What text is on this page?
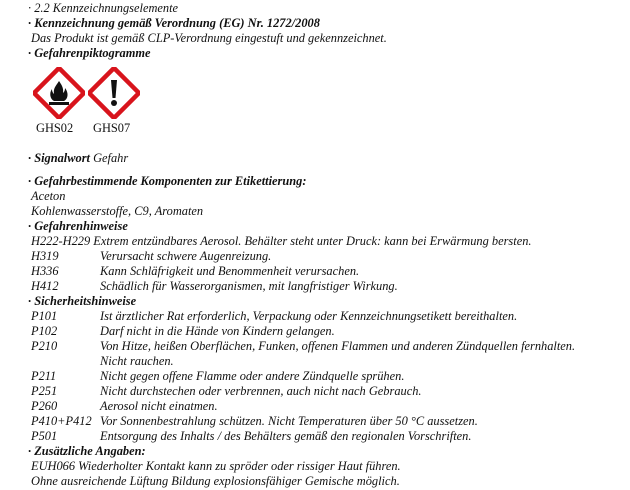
· 2.2 Kennzeichnungselemente
· Kennzeichnung gemäß Verordnung (EG) Nr. 1272/2008
Das Produkt ist gemäß CLP-Verordnung eingestuft und gekennzeichnet.
· Gefahrenpiktogramme
GHS02 GHS07
· Signalwort Gefahr
· Gefahrbestimmende Komponenten zur Etikettierung:
Aceton
Kohlenwasserstoffe, C9, Aromaten
· Gefahrenhinweise
H222-H229 Extrem entzündbares Aerosol. Behälter steht unter Druck: kann bei Erwärmung bersten.
H319	Verursacht schwere Augenreizung.
H336	Kann Schläfrigkeit und Benommenheit verursachen.
H412	Schädlich für Wasserorganismen, mit langfristiger Wirkung.
· Sicherheitshinweise
P101	Ist ärztlicher Rat erforderlich, Verpackung oder Kennzeichnungsetikett bereithalten.
P102	Darf nicht in die Hände von Kindern gelangen.
P210	Von Hitze, heißen Oberflächen, Funken, offenen Flammen und anderen Zündquellen fernhalten.
Nicht rauchen.
P211	Nicht gegen offene Flamme oder andere Zündquelle sprühen.
P251	Nicht durchstechen oder verbrennen, auch nicht nach Gebrauch.
P260	Aerosol nicht einatmen.
P410+P412 Vor Sonnenbestrahlung schützen. Nicht Temperaturen über 50 °C aussetzen.
P501	Entsorgung des Inhalts / des Behälters gemäß den regionalen Vorschriften.
· Zusätzliche Angaben:
EUH066 Wiederholter Kontakt kann zu spröder oder rissiger Haut führen.
Ohne ausreichende Lüftung Bildung explosionsfähiger Gemische möglich.
